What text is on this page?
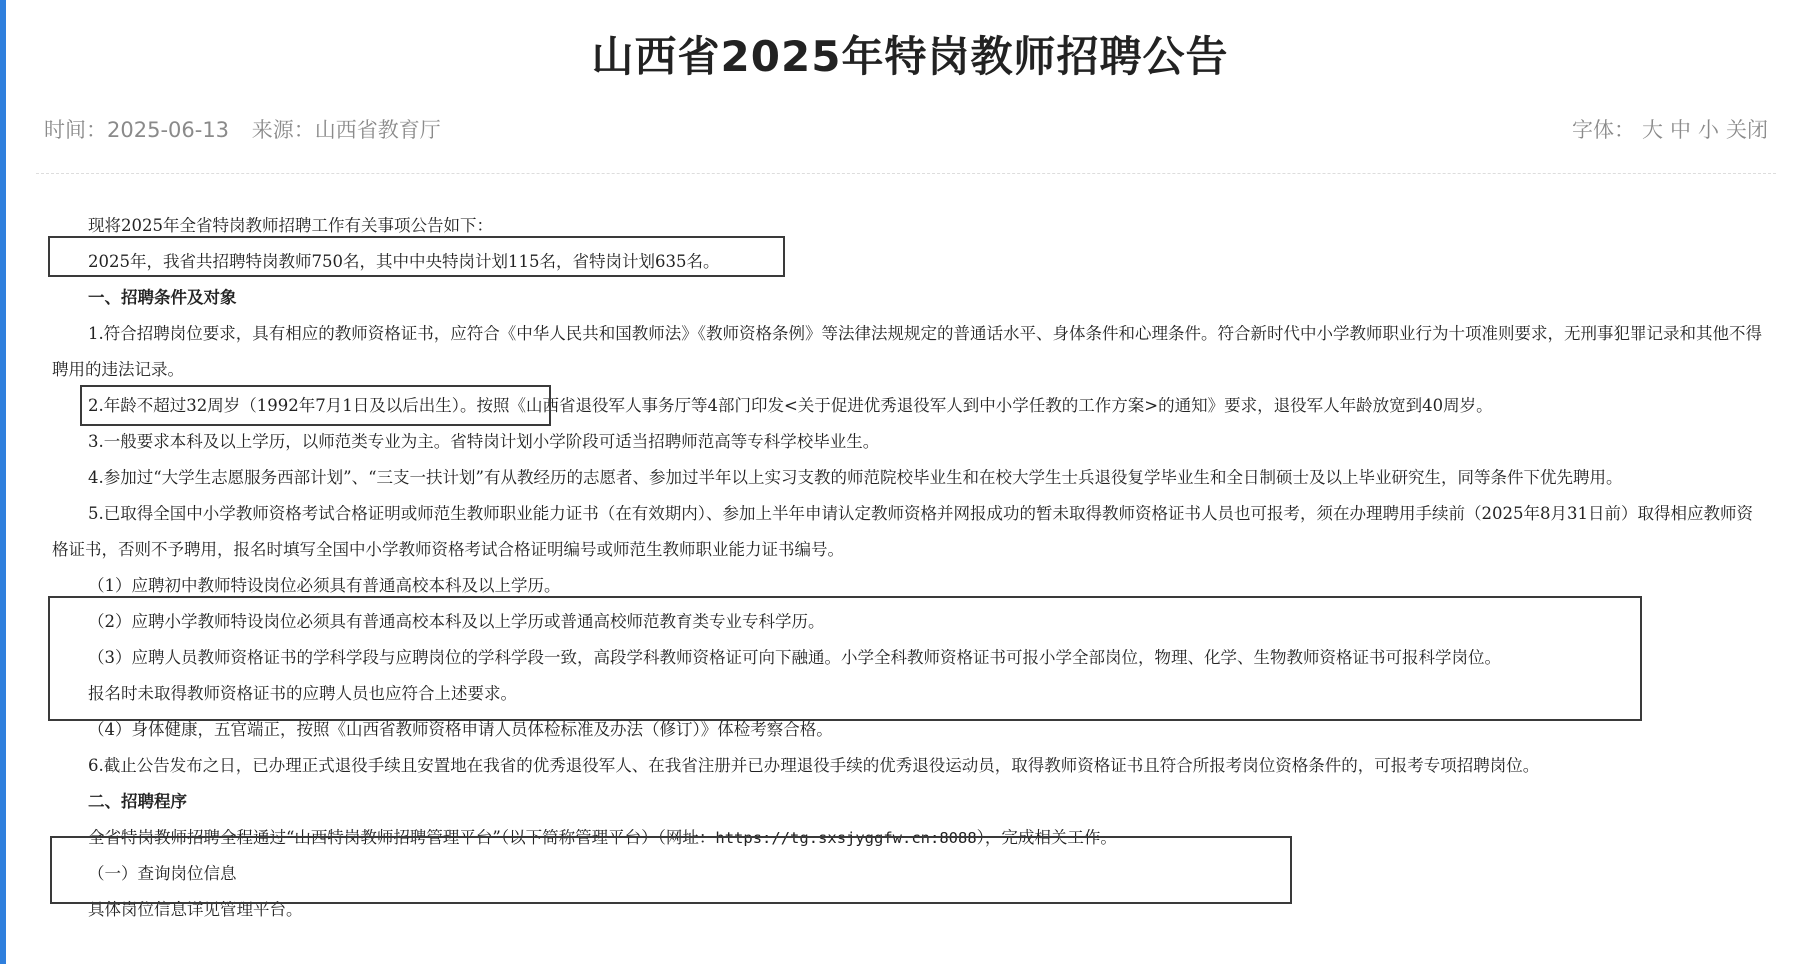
山西省2025年特岗教师招聘公告
时间：2025-06-13 来源：山西省教育厅	字体： 大 中 小 关闭

现将2025年全省特岗教师招聘工作有关事项公告如下：

2025年，我省共招聘特岗教师750名，其中中央特岗计划115名，省特岗计划635名。

一、招聘条件及对象

1.符合招聘岗位要求，具有相应的教师资格证书，应符合《中华人民共和国教师法》《教师资格条例》等法律法规规定的普通话水平、身体条件和心理条件。符合新时代中小学教师职业行为十项准则要求，无刑事犯罪记录和其他不得聘用的违法记录。

2.年龄不超过32周岁（1992年7月1日及以后出生）。按照《山西省退役军人事务厅等4部门印发<关于促进优秀退役军人到中小学任教的工作方案>的通知》要求，退役军人年龄放宽到40周岁。

3.一般要求本科及以上学历，以师范类专业为主。省特岗计划小学阶段可适当招聘师范高等专科学校毕业生。

4.参加过“大学生志愿服务西部计划”、“三支一扶计划”有从教经历的志愿者、参加过半年以上实习支教的师范院校毕业生和在校大学生士兵退役复学毕业生和全日制硕士及以上毕业研究生，同等条件下优先聘用。

5.已取得全国中小学教师资格考试合格证明或师范生教师职业能力证书（在有效期内）、参加上半年申请认定教师资格并网报成功的暂未取得教师资格证书人员也可报考，须在办理聘用手续前（2025年8月31日前）取得相应教师资格证书，否则不予聘用，报名时填写全国中小学教师资格考试合格证明编号或师范生教师职业能力证书编号。

（1）应聘初中教师特设岗位必须具有普通高校本科及以上学历。

（2）应聘小学教师特设岗位必须具有普通高校本科及以上学历或普通高校师范教育类专业专科学历。

（3）应聘人员教师资格证书的学科学段与应聘岗位的学科学段一致，高段学科教师资格证可向下融通。小学全科教师资格证书可报小学全部岗位，物理、化学、生物教师资格证书可报科学岗位。

报名时未取得教师资格证书的应聘人员也应符合上述要求。

（4）身体健康，五官端正，按照《山西省教师资格申请人员体检标准及办法（修订）》体检考察合格。

6.截止公告发布之日，已办理正式退役手续且安置地在我省的优秀退役军人、在我省注册并已办理退役手续的优秀退役运动员，取得教师资格证书且符合所报考岗位资格条件的，可报考专项招聘岗位。

二、招聘程序

全省特岗教师招聘全程通过“山西特岗教师招聘管理平台”（以下简称管理平台）（网址：https://tg.sxsjyggfw.cn:8088），完成相关工作。

（一）查询岗位信息

具体岗位信息详见管理平台。
